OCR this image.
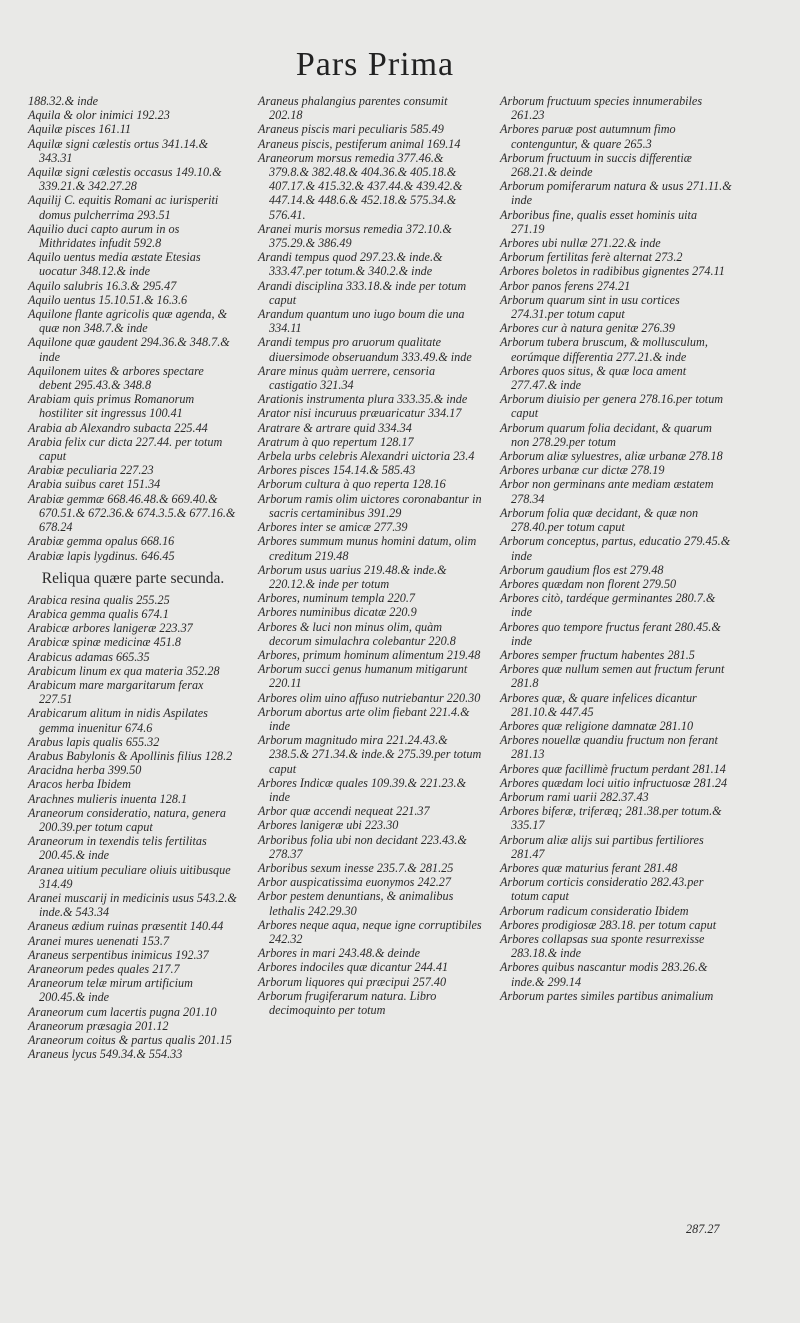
Pars Prima

188.32.& inde

Aquila & olor inimici 192.23

Aquilæ pisces 161.11

Aquilæ signi cælestis ortus 341.14.& 343.31

Aquilæ signi cælestis occasus 149.10.& 339.21.& 342.27.28

Aquilij C. equitis Romani ac iurisperiti domus pulcherrima 293.51

Aquilio duci capto aurum in os Mithridates infudit 592.8

Aquilo uentus media æstate Etesias uocatur 348.12.& inde

Aquilo salubris 16.3.& 295.47

Aquilo uentus 15.10.51.& 16.3.6

Aquilone flante agricolis quæ agenda, & quæ non 348.7.& inde

Aquilone quæ gaudent 294.36.& 348.7.& inde

Aquilonem uites & arbores spectare debent 295.43.& 348.8

Arabiam quis primus Romanorum hostiliter sit ingressus 100.41

Arabia ab Alexandro subacta 225.44

Arabia felix cur dicta 227.44. per totum caput

Arabiæ peculiaria 227.23

Arabia suibus caret 151.34

Arabiæ gemmæ 668.46.48.& 669.40.& 670.51.& 672.36.& 674.3.5.& 677.16.& 678.24

Arabiæ gemma opalus 668.16

Arabiæ lapis lygdinus. 646.45

Reliqua quære parte secunda.

Arabica resina qualis 255.25

Arabica gemma qualis 674.1

Arabicæ arbores lanigeræ 223.37

Arabicæ spinæ medicinæ 451.8

Arabicus adamas 665.35

Arabicum linum ex qua materia 352.28

Arabicum mare margaritarum ferax 227.51

Arabicarum alitum in nidis Aspilates gemma inuenitur 674.6

Arabus lapis qualis 655.32

Arabus Babylonis & Apollinis filius 128.2

Aracidna herba 399.50

Aracos herba Ibidem

Arachnes mulieris inuenta 128.1

Araneorum consideratio, natura, genera 200.39.per totum caput

Araneorum in texendis telis fertilitas 200.45.& inde

Aranea uitium peculiare oliuis uitibusque 314.49

Aranei muscarij in medicinis usus 543.2.& inde.& 543.34

Araneus ædium ruinas præsentit 140.44

Aranei mures uenenati 153.7

Araneus serpentibus inimicus 192.37

Araneorum pedes quales 217.7

Araneorum telæ mirum artificium 200.45.& inde

Araneorum cum lacertis pugna 201.10

Araneorum præsagia 201.12

Araneorum coitus & partus qualis 201.15

Araneus lycus 549.34.& 554.33

Araneus phalangius parentes consumit 202.18

Araneus piscis mari peculiaris 585.49

Araneus piscis, pestiferum animal 169.14

Araneorum morsus remedia 377.46.& 379.8.& 382.48.& 404.36.& 405.18.& 407.17.& 415.32.& 437.44.& 439.42.& 447.14.& 448.6.& 452.18.& 575.34.& 576.41.

Aranei muris morsus remedia 372.10.& 375.29.& 386.49

Arandi tempus quod 297.23.& inde.& 333.47.per totum.& 340.2.& inde

Arandi disciplina 333.18.& inde per totum caput

Arandum quantum uno iugo boum die una 334.11

Arandi tempus pro aruorum qualitate diuersimode obseruandum 333.49.& inde

Arare minus quàm uerrere, censoria castigatio 321.34

Arationis instrumenta plura 333.35.& inde

Arator nisi incuruus præuaricatur 334.17

Aratrare & artrare quid 334.34

Aratrum à quo repertum 128.17

Arbela urbs celebris Alexandri uictoria 23.4

Arbores pisces 154.14.& 585.43

Arborum cultura à quo reperta 128.16

Arborum ramis olim uictores coronabantur in sacris certaminibus 391.29

Arbores inter se amicæ 277.39

Arbores summum munus homini datum, olim creditum 219.48

Arborum usus uarius 219.48.& inde.& 220.12.& inde per totum

Arbores, numinum templa 220.7

Arbores numinibus dicatæ 220.9

Arbores & luci non minus olim, quàm decorum simulachra colebantur 220.8

Arbores, primum hominum alimentum 219.48

Arborum succi genus humanum mitigarunt 220.11

Arbores olim uino affuso nutriebantur 220.30

Arborum abortus arte olim fiebant 221.4.& inde

Arborum magnitudo mira 221.24.43.& 238.5.& 271.34.& inde.& 275.39.per totum caput

Arbores Indicæ quales 109.39.& 221.23.& inde

Arbor quæ accendi nequeat 221.37

Arbores lanigeræ ubi 223.30

Arboribus folia ubi non decidant 223.43.& 278.37

Arboribus sexum inesse 235.7.& 281.25

Arbor auspicatissima euonymos 242.27

Arbor pestem denuntians, & animalibus lethalis 242.29.30

Arbores neque aqua, neque igne corruptibiles 242.32

Arbores in mari 243.48.& deinde

Arbores indociles quæ dicantur 244.41

Arborum liquores qui præcipui 257.40

Arborum frugiferarum natura. Libro decimoquinto per totum

Arborum fructuum species innumerabiles 261.23

Arbores paruæ post autumnum fimo contenguntur, & quare 265.3

Arborum fructuum in succis differentiæ 268.21.& deinde

Arborum pomiferarum natura & usus 271.11.& inde

Arboribus fine, qualis esset hominis uita 271.19

Arbores ubi nullæ 271.22.& inde

Arborum fertilitas ferè alternat 273.2

Arbores boletos in radibibus gignentes 274.11

Arbor panos ferens 274.21

Arborum quarum sint in usu cortices 274.31.per totum caput

Arbores cur à natura genitæ 276.39

Arborum tubera bruscum, & mollusculum, eorúmque differentia 277.21.& inde

Arbores quos situs, & quæ loca ament 277.47.& inde

Arborum diuisio per genera 278.16.per totum caput

Arborum quarum folia decidant, & quarum non 278.29.per totum

Arborum aliæ syluestres, aliæ urbanæ 278.18

Arbores urbanæ cur dictæ 278.19

Arbor non germinans ante mediam æstatem 278.34

Arborum folia quæ decidant, & quæ non 278.40.per totum caput

Arborum conceptus, partus, educatio 279.45.& inde

Arborum gaudium flos est 279.48

Arbores quædam non florent 279.50

Arbores citò, tardéque germinantes 280.7.& inde

Arbores quo tempore fructus ferant 280.45.& inde

Arbores semper fructum habentes 281.5

Arbores quæ nullum semen aut fructum ferunt 281.8

Arbores quæ, & quare infelices dicantur 281.10.& 447.45

Arbores quæ religione damnatæ 281.10

Arbores nouellæ quandiu fructum non ferant 281.13

Arbores quæ facillimè fructum perdant 281.14

Arbores quædam loci uitio infructuosæ 281.24

Arborum rami uarii 282.37.43

Arbores biferæ, triferæq; 281.38.per totum.& 335.17

Arborum aliæ alijs sui partibus fertiliores 281.47

Arbores quæ maturius ferant 281.48

Arborum corticis consideratio 282.43.per totum caput

Arborum radicum consideratio Ibidem

Arbores prodigiosæ 283.18. per totum caput

Arbores collapsas sua sponte resurrexisse 283.18.& inde

Arbores quibus nascantur modis 283.26.& inde.& 299.14

Arborum partes similes partibus animalium

287.27
